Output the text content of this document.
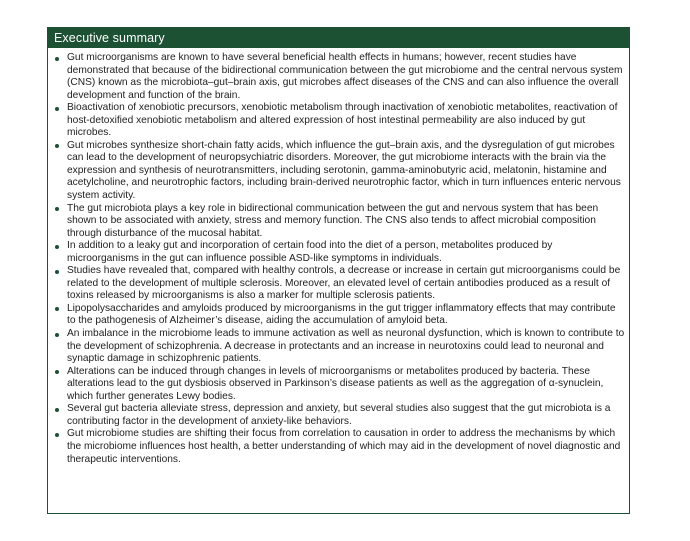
Executive summary
Gut microorganisms are known to have several beneficial health effects in humans; however, recent studies have demonstrated that because of the bidirectional communication between the gut microbiome and the central nervous system (CNS) known as the microbiota–gut–brain axis, gut microbes affect diseases of the CNS and can also influence the overall development and function of the brain.
Bioactivation of xenobiotic precursors, xenobiotic metabolism through inactivation of xenobiotic metabolites, reactivation of host-detoxified xenobiotic metabolism and altered expression of host intestinal permeability are also induced by gut microbes.
Gut microbes synthesize short-chain fatty acids, which influence the gut–brain axis, and the dysregulation of gut microbes can lead to the development of neuropsychiatric disorders. Moreover, the gut microbiome interacts with the brain via the expression and synthesis of neurotransmitters, including serotonin, gamma-aminobutyric acid, melatonin, histamine and acetylcholine, and neurotrophic factors, including brain-derived neurotrophic factor, which in turn influences enteric nervous system activity.
The gut microbiota plays a key role in bidirectional communication between the gut and nervous system that has been shown to be associated with anxiety, stress and memory function. The CNS also tends to affect microbial composition through disturbance of the mucosal habitat.
In addition to a leaky gut and incorporation of certain food into the diet of a person, metabolites produced by microorganisms in the gut can influence possible ASD-like symptoms in individuals.
Studies have revealed that, compared with healthy controls, a decrease or increase in certain gut microorganisms could be related to the development of multiple sclerosis. Moreover, an elevated level of certain antibodies produced as a result of toxins released by microorganisms is also a marker for multiple sclerosis patients.
Lipopolysaccharides and amyloids produced by microorganisms in the gut trigger inflammatory effects that may contribute to the pathogenesis of Alzheimer’s disease, aiding the accumulation of amyloid beta.
An imbalance in the microbiome leads to immune activation as well as neuronal dysfunction, which is known to contribute to the development of schizophrenia. A decrease in protectants and an increase in neurotoxins could lead to neuronal and synaptic damage in schizophrenic patients.
Alterations can be induced through changes in levels of microorganisms or metabolites produced by bacteria. These alterations lead to the gut dysbiosis observed in Parkinson’s disease patients as well as the aggregation of α-synuclein, which further generates Lewy bodies.
Several gut bacteria alleviate stress, depression and anxiety, but several studies also suggest that the gut microbiota is a contributing factor in the development of anxiety-like behaviors.
Gut microbiome studies are shifting their focus from correlation to causation in order to address the mechanisms by which the microbiome influences host health, a better understanding of which may aid in the development of novel diagnostic and therapeutic interventions.
